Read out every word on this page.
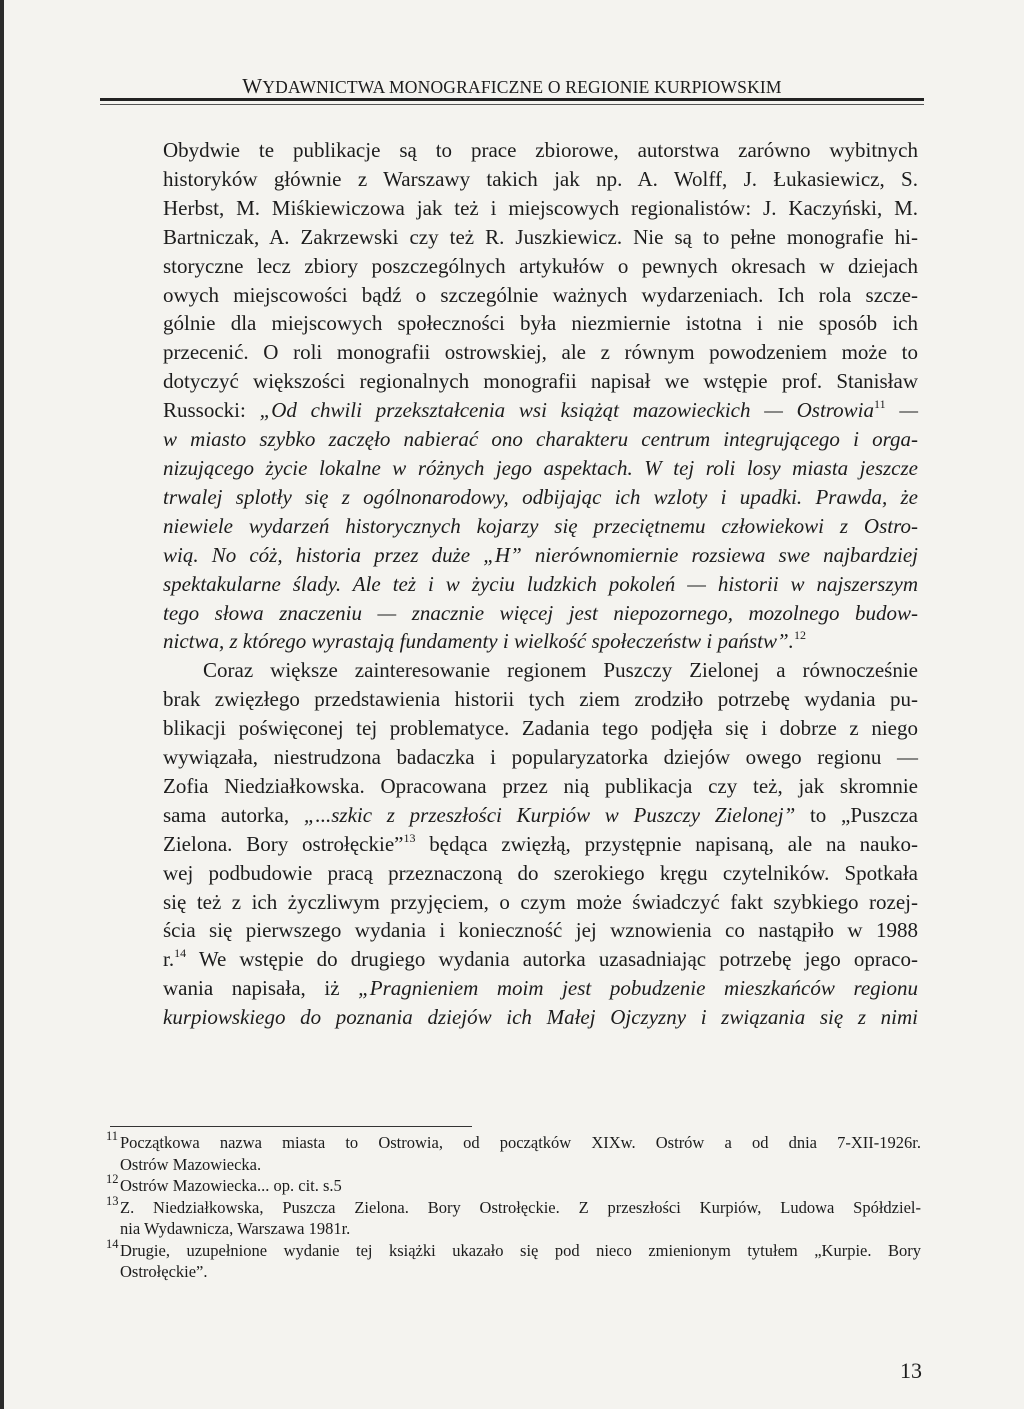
WYDAWNICTWA MONOGRAFICZNE O REGIONIE KURPIOWSKIM

Obydwie te publikacje są to prace zbiorowe, autorstwa zarówno wybitnych

historyków głównie z Warszawy takich jak np. A. Wolff, J. Łukasiewicz, S.

Herbst, M. Miśkiewiczowa jak też i miejscowych regionalistów: J. Kaczyński, M.

Bartniczak, A. Zakrzewski czy też R. Juszkiewicz. Nie są to pełne monografie hi-

storyczne lecz zbiory poszczególnych artykułów o pewnych okresach w dziejach

owych miejscowości bądź o szczególnie ważnych wydarzeniach. Ich rola szcze-

gólnie dla miejscowych społeczności była niezmiernie istotna i nie sposób ich

przecenić. O roli monografii ostrowskiej, ale z równym powodzeniem może to

dotyczyć większości regionalnych monografii napisał we wstępie prof. Stanisław

Russocki: „Od chwili przekształcenia wsi książąt mazowieckich — Ostrowia$^{11}$ —

w miasto szybko zaczęło nabierać ono charakteru centrum integrującego i orga-

nizującego życie lokalne w różnych jego aspektach. W tej roli losy miasta jeszcze

trwalej splotły się z ogólnonarodowy, odbijając ich wzloty i upadki. Prawda, że

niewiele wydarzeń historycznych kojarzy się przeciętnemu człowiekowi z Ostro-

wią. No cóż, historia przez duże „H” nierównomiernie rozsiewa swe najbardziej

spektakularne ślady. Ale też i w życiu ludzkich pokoleń — historii w najszerszym

tego słowa znaczeniu — znacznie więcej jest niepozornego, mozolnego budow-

nictwa, z którego wyrastają fundamenty i wielkość społeczeństw i państw”.$^{12}$

Coraz większe zainteresowanie regionem Puszczy Zielonej a równocześnie

brak zwięzłego przedstawienia historii tych ziem zrodziło potrzebę wydania pu-

blikacji poświęconej tej problematyce. Zadania tego podjęła się i dobrze z niego

wywiązała, niestrudzona badaczka i popularyzatorka dziejów owego regionu —

Zofia Niedziałkowska. Opracowana przez nią publikacja czy też, jak skromnie

sama autorka, „...szkic z przeszłości Kurpiów w Puszczy Zielonej” to „Puszcza

Zielona. Bory ostrołęckie”$^{13}$ będąca zwięzłą, przystępnie napisaną, ale na nauko-

wej podbudowie pracą przeznaczoną do szerokiego kręgu czytelników. Spotkała

się też z ich życzliwym przyjęciem, o czym może świadczyć fakt szybkiego rozej-

ścia się pierwszego wydania i konieczność jej wznowienia co nastąpiło w 1988

r.$^{14}$ We wstępie do drugiego wydania autorka uzasadniając potrzebę jego opraco-

wania napisała, iż „Pragnieniem moim jest pobudzenie mieszkańców regionu

kurpiowskiego do poznania dziejów ich Małej Ojczyzny i związania się z nimi

11 Początkowa nazwa miasta to Ostrowia, od początków XIXw. Ostrów a od dnia 7-XII-1926r.
Ostrów Mazowiecka.
12 Ostrów Mazowiecka... op. cit. s.5
13 Z. Niedziałkowska, Puszcza Zielona. Bory Ostrołęckie. Z przeszłości Kurpiów, Ludowa Spółdziel-
nia Wydawnicza, Warszawa 1981r.
14 Drugie, uzupełnione wydanie tej książki ukazało się pod nieco zmienionym tytułem „Kurpie. Bory
Ostrołęckie”.
13
